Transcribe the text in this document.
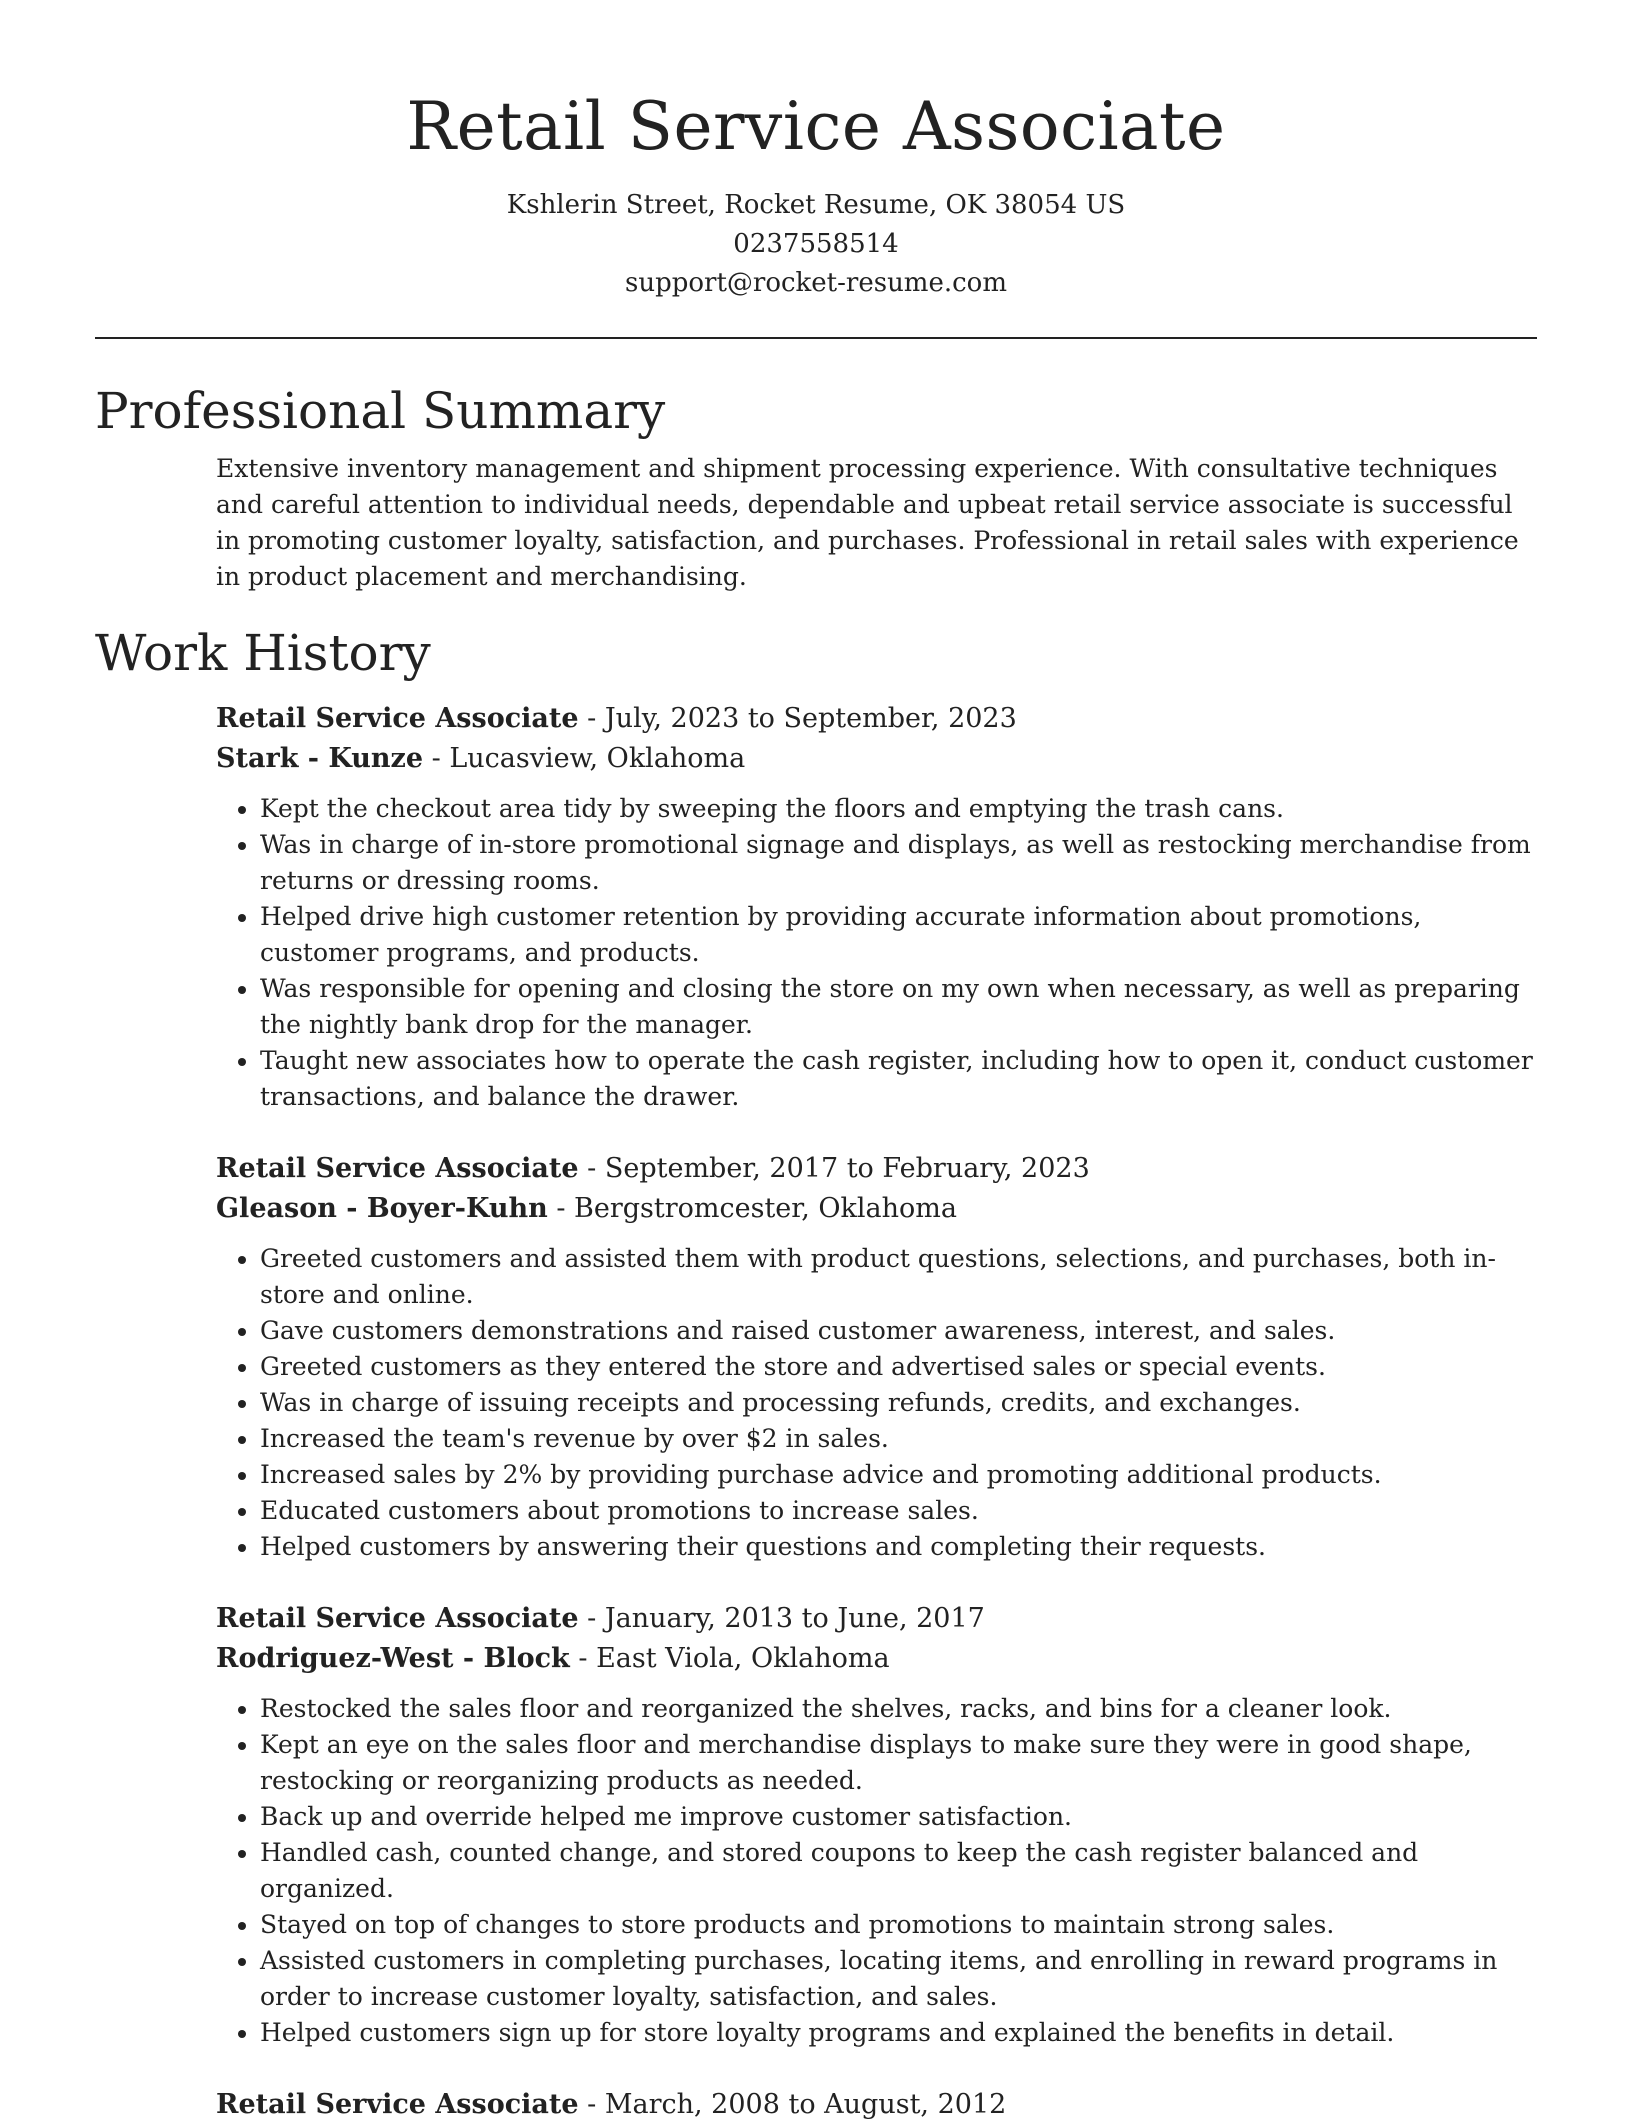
Retail Service Associate
Kshlerin Street, Rocket Resume, OK 38054 US
0237558514
support@rocket-resume.com
Professional Summary

Extensive inventory management and shipment processing experience. With consultative techniques and careful attention to individual needs, dependable and upbeat retail service associate is successful in promoting customer loyalty, satisfaction, and purchases. Professional in retail sales with experience in product placement and merchandising.

Work History
Retail Service Associate - July, 2023 to September, 2023
Stark - Kunze - Lucasview, Oklahoma
• Kept the checkout area tidy by sweeping the floors and emptying the trash cans.
• Was in charge of in-store promotional signage and displays, as well as restocking merchandise from returns or dressing rooms.
• Helped drive high customer retention by providing accurate information about promotions, customer programs, and products.
• Was responsible for opening and closing the store on my own when necessary, as well as preparing the nightly bank drop for the manager.
• Taught new associates how to operate the cash register, including how to open it, conduct customer transactions, and balance the drawer.
Retail Service Associate - September, 2017 to February, 2023
Gleason - Boyer-Kuhn - Bergstromcester, Oklahoma
• Greeted customers and assisted them with product questions, selections, and purchases, both in-store and online.
• Gave customers demonstrations and raised customer awareness, interest, and sales.
• Greeted customers as they entered the store and advertised sales or special events.
• Was in charge of issuing receipts and processing refunds, credits, and exchanges.
• Increased the team's revenue by over $2 in sales.
• Increased sales by 2% by providing purchase advice and promoting additional products.
• Educated customers about promotions to increase sales.
• Helped customers by answering their questions and completing their requests.
Retail Service Associate - January, 2013 to June, 2017
Rodriguez-West - Block - East Viola, Oklahoma
• Restocked the sales floor and reorganized the shelves, racks, and bins for a cleaner look.
• Kept an eye on the sales floor and merchandise displays to make sure they were in good shape, restocking or reorganizing products as needed.
• Back up and override helped me improve customer satisfaction.
• Handled cash, counted change, and stored coupons to keep the cash register balanced and organized.
• Stayed on top of changes to store products and promotions to maintain strong sales.
• Assisted customers in completing purchases, locating items, and enrolling in reward programs in order to increase customer loyalty, satisfaction, and sales.
• Helped customers sign up for store loyalty programs and explained the benefits in detail.
Retail Service Associate - March, 2008 to August, 2012
